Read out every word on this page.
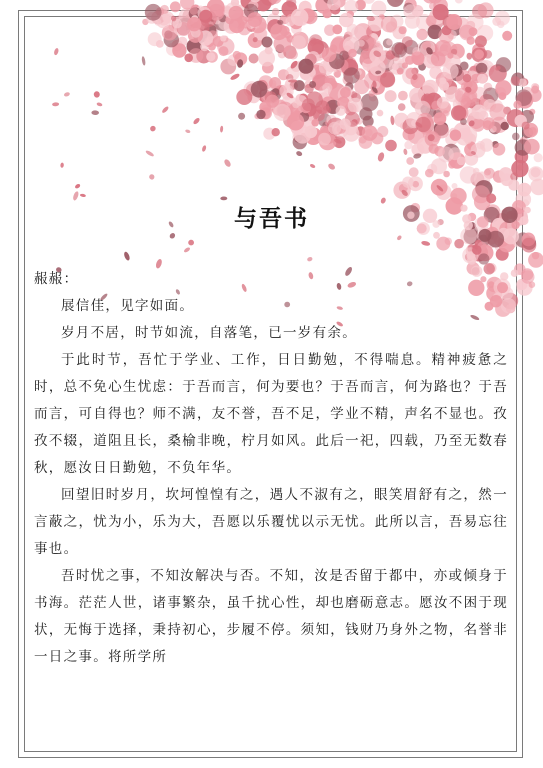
与吾书

赧赧：

展信佳，见字如面。

岁月不居，时节如流，自落笔，已一岁有余。

于此时节，吾忙于学业、工作，日日勤勉，不得喘息。精神疲惫之时，总不免心生忧虑：于吾而言，何为要也？于吾而言，何为路也？于吾而言，可自得也？师不满，友不誉，吾不足，学业不精，声名不显也。孜孜不辍，道阻且长，桑榆非晚，柠月如风。此后一祀，四载，乃至无数春秋，愿汝日日勤勉，不负年华。

回望旧时岁月，坎坷惶惶有之，遇人不淑有之，眼笑眉舒有之，然一言蔽之，忧为小，乐为大，吾愿以乐覆忧以示无忧。此所以言，吾易忘往事也。

吾时忧之事，不知汝解决与否。不知，汝是否留于都中，亦或倾身于书海。茫茫人世，诸事繁杂，虽千扰心性，却也磨砺意志。愿汝不困于现状，无悔于选择，秉持初心，步履不停。须知，钱财乃身外之物，名誉非一日之事。将所学所
